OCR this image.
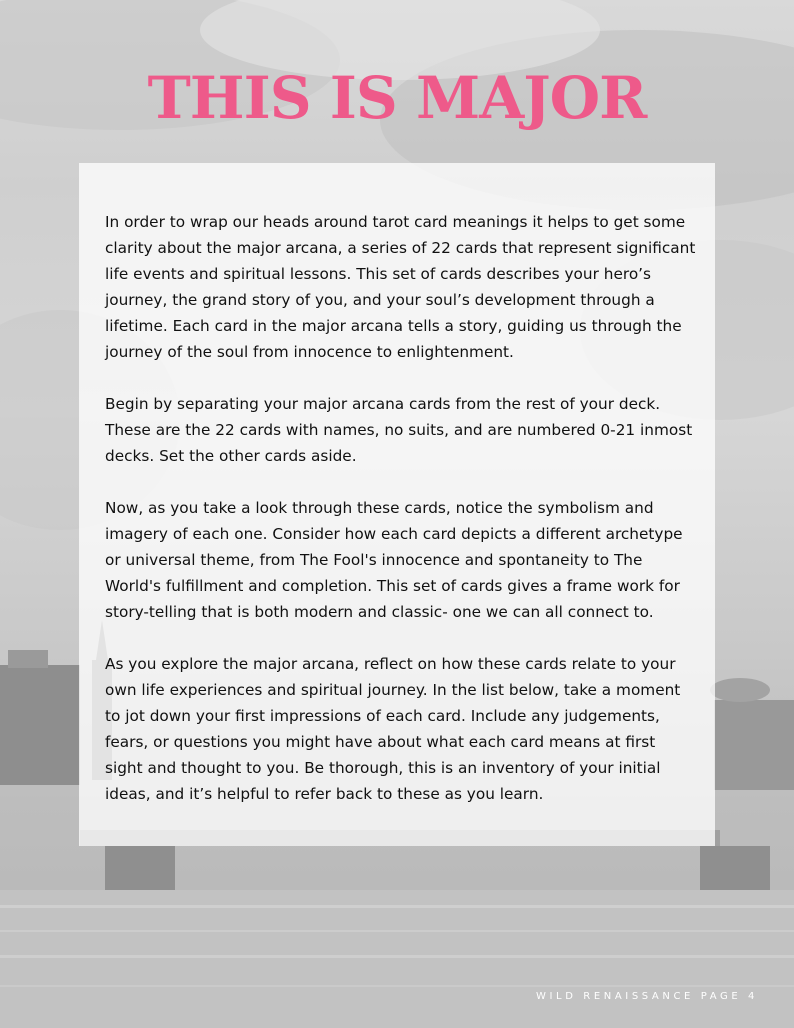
THIS IS MAJOR

In order to wrap our heads around tarot card meanings it helps to get some clarity about the major arcana, a series of 22 cards that represent significant life events and spiritual lessons. This set of cards describes your hero’s journey, the grand story of you, and your soul’s development through a lifetime. Each card in the major arcana tells a story, guiding us through the journey of the soul from innocence to enlightenment.

Begin by separating your major arcana cards from the rest of your deck. These are the 22 cards with names, no suits, and are numbered 0-21 inmost decks. Set the other cards aside.

Now, as you take a look through these cards, notice the symbolism and imagery of each one. Consider how each card depicts a different archetype or universal theme, from The Fool's innocence and spontaneity to The World's fulfillment and completion. This set of cards gives a frame work for story-telling that is both modern and classic- one we can all connect to.

As you explore the major arcana, reflect on how these cards relate to your own life experiences and spiritual journey. In the list below, take a moment to jot down your first impressions of each card. Include any judgements, fears, or questions you might have about what each card means at first sight and thought to you. Be thorough, this is an inventory of your initial ideas, and it’s helpful to refer back to these as you learn.

WILD RENAISSANCE PAGE 4
